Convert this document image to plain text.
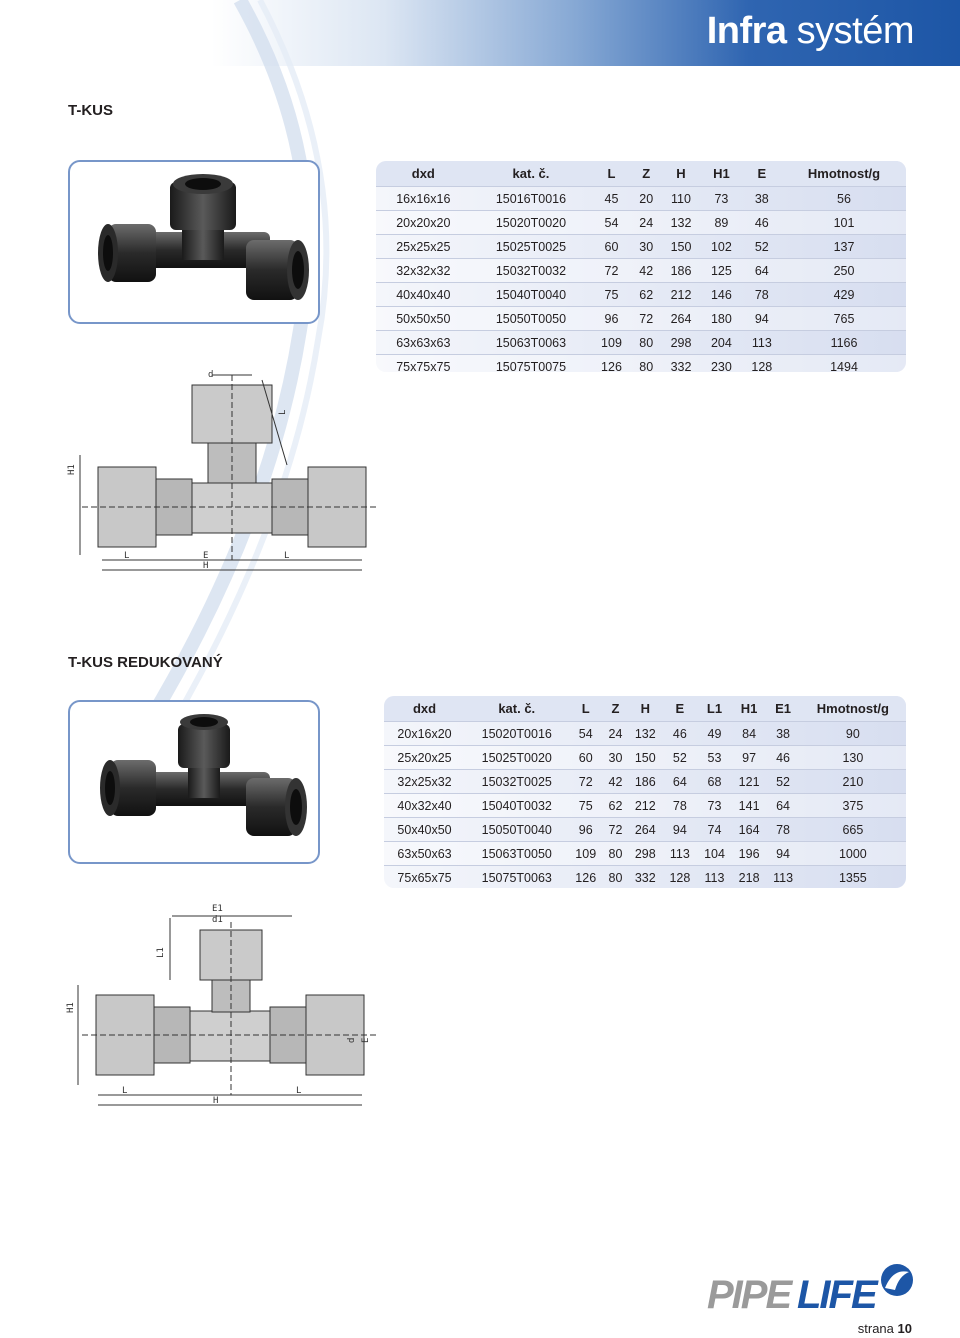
Infra systém
T-KUS
dxd	kat. č.	L	Z	H	H1	E	Hmotnost/g
16x16x16	15016T0016	45	20	110	73	38	56
20x20x20	15020T0020	54	24	132	89	46	101
25x25x25	15025T0025	60	30	150	102	52	137
32x32x32	15032T0032	72	42	186	125	64	250
40x40x40	15040T0040	75	62	212	146	78	429
50x50x50	15050T0050	96	72	264	180	94	765
63x63x63	15063T0063	109	80	298	204	113	1166
75x75x75	15075T0075	126	80	332	230	128	1494
d
L
H1
L	E	L
H
T-KUS REDUKOVANÝ
dxd	kat. č.	L	Z	H	E	L1	H1	E1	Hmotnost/g
20x16x20	15020T0016	54	24	132	46	49	84	38	90
25x20x25	15025T0020	60	30	150	52	53	97	46	130
32x25x32	15032T0025	72	42	186	64	68	121	52	210
40x32x40	15040T0032	75	62	212	78	73	141	64	375
50x40x50	15050T0040	96	72	264	94	74	164	78	665
63x50x63	15063T0050	109	80	298	113	104	196	94	1000
75x65x75	15075T0063	126	80	332	128	113	218	113	1355
E1
d1
L1
H1
d E
L
H
L
PIPE LIFE
strana 10
